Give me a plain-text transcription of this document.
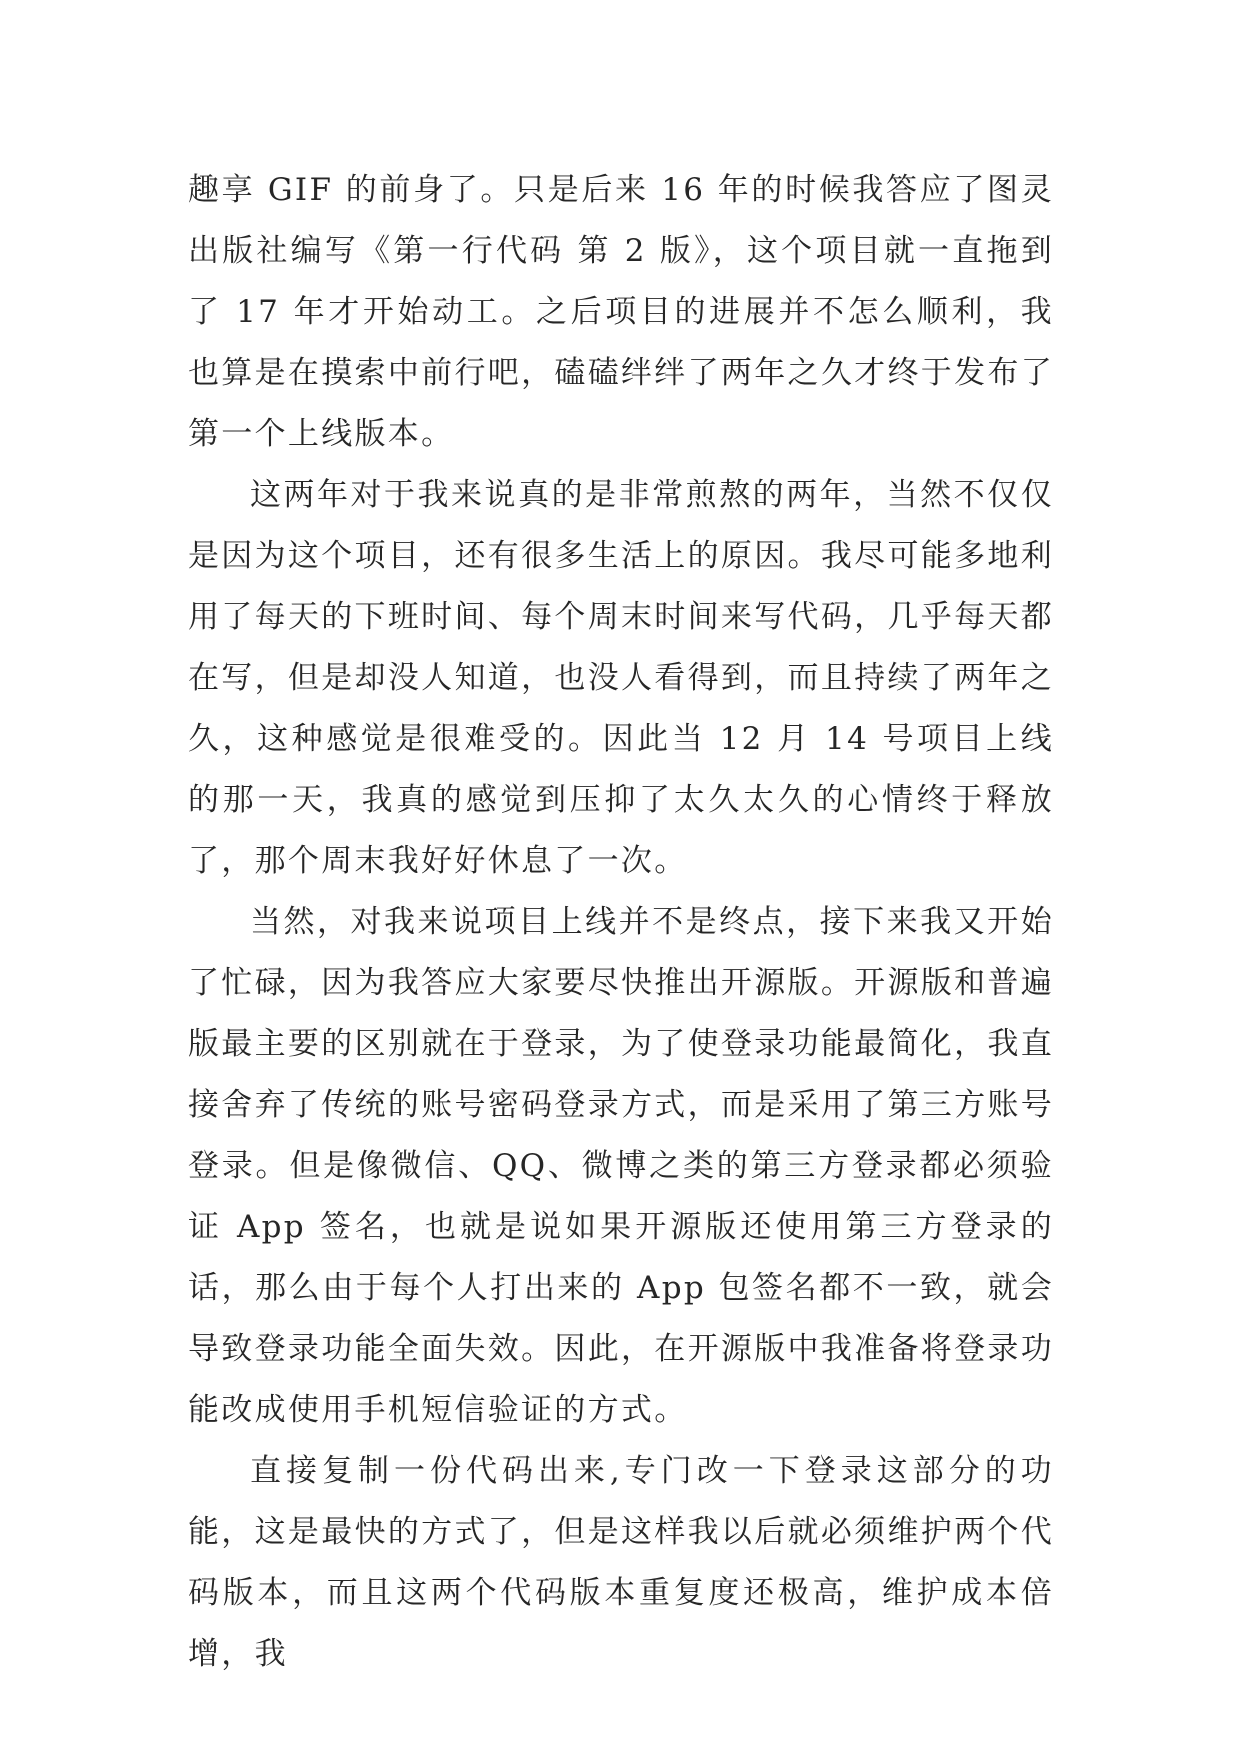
趣享 GIF 的前身了。只是后来 16 年的时候我答应了图灵出版社编写《第一行代码 第 2 版》，这个项目就一直拖到了 17 年才开始动工。之后项目的进展并不怎么顺利，我也算是在摸索中前行吧，磕磕绊绊了两年之久才终于发布了第一个上线版本。

这两年对于我来说真的是非常煎熬的两年，当然不仅仅是因为这个项目，还有很多生活上的原因。我尽可能多地利用了每天的下班时间、每个周末时间来写代码，几乎每天都在写，但是却没人知道，也没人看得到，而且持续了两年之久，这种感觉是很难受的。因此当 12 月 14 号项目上线的那一天，我真的感觉到压抑了太久太久的心情终于释放了，那个周末我好好休息了一次。

当然，对我来说项目上线并不是终点，接下来我又开始了忙碌，因为我答应大家要尽快推出开源版。开源版和普遍版最主要的区别就在于登录，为了使登录功能最简化，我直接舍弃了传统的账号密码登录方式，而是采用了第三方账号登录。但是像微信、QQ、微博之类的第三方登录都必须验证 App 签名，也就是说如果开源版还使用第三方登录的话，那么由于每个人打出来的 App 包签名都不一致，就会导致登录功能全面失效。因此，在开源版中我准备将登录功能改成使用手机短信验证的方式。

直接复制一份代码出来,专门改一下登录这部分的功能，这是最快的方式了，但是这样我以后就必须维护两个代码版本，而且这两个代码版本重复度还极高，维护成本倍增，我
